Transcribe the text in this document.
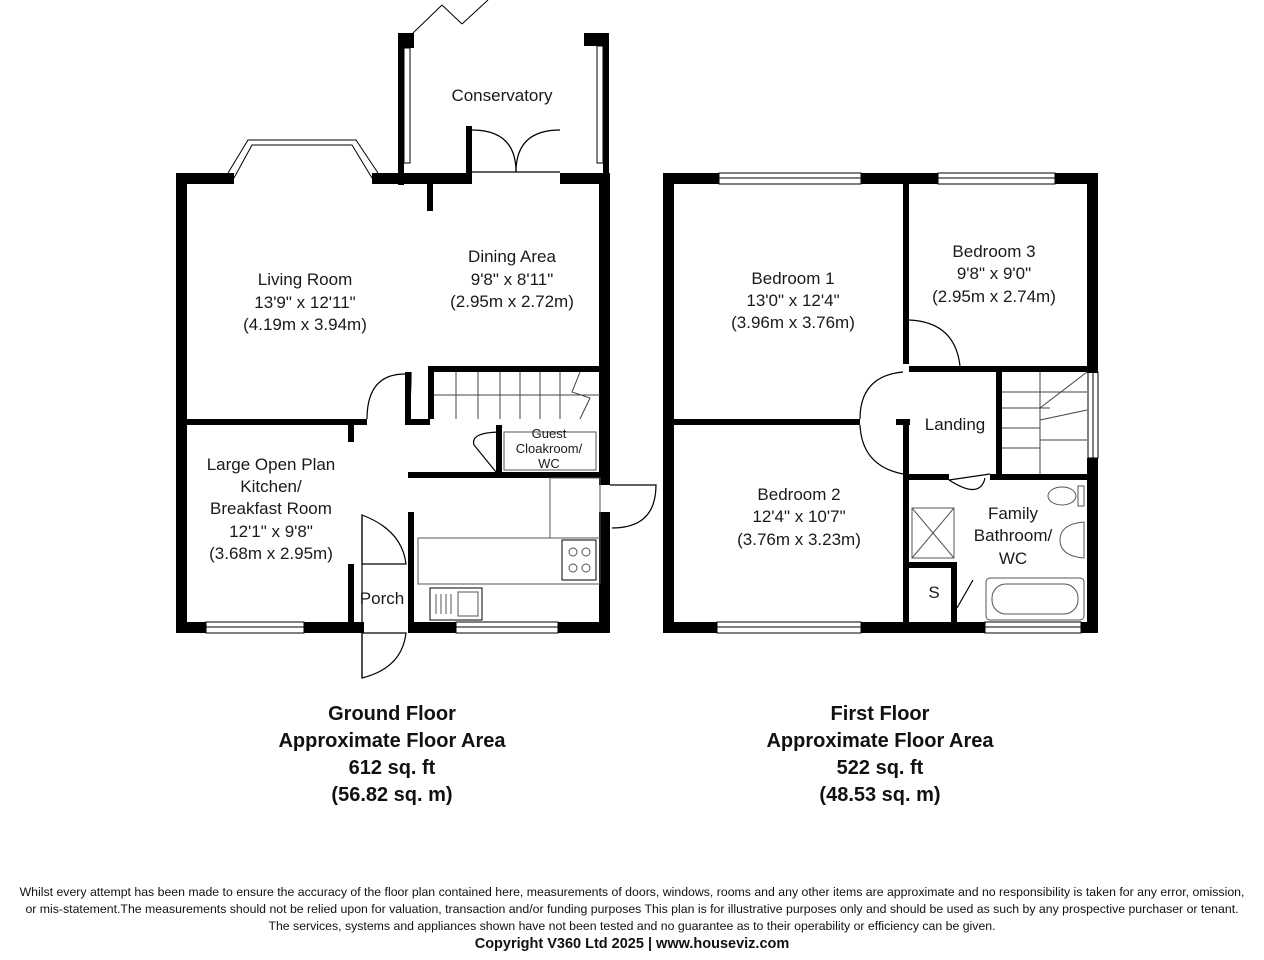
Conservatory
Dining Area
9'8" x 8'11"
(2.95m x 2.72m)
Living Room
13'9" x 12'11"
(4.19m x 3.94m)
Large Open Plan
Kitchen/
Breakfast Room
12'1" x 9'8"
(3.68m x 2.95m)
Guest
Cloakroom/
WC
Porch
Bedroom 1
13'0" x 12'4"
(3.96m x 3.76m)
Bedroom 3
9'8" x 9'0"
(2.95m x 2.74m)
Landing
Bedroom 2
12'4" x 10'7"
(3.76m x 3.23m)
Family
Bathroom/
WC
S
Ground Floor
Approximate Floor Area
612 sq. ft
(56.82 sq. m)
First Floor
Approximate Floor Area
522 sq. ft
(48.53 sq. m)
Whilst every attempt has been made to ensure the accuracy of the floor plan contained here, measurements of doors, windows, rooms and any other items are approximate and no responsibility is taken for any error, omission,
or mis-statement.The measurements should not be relied upon for valuation, transaction and/or funding purposes This plan is for illustrative purposes only and should be used as such by any prospective purchaser or tenant.
The services, systems and appliances shown have not been tested and no guarantee as to their operability or efficiency can be given.
Copyright V360 Ltd 2025 | www.houseviz.com
